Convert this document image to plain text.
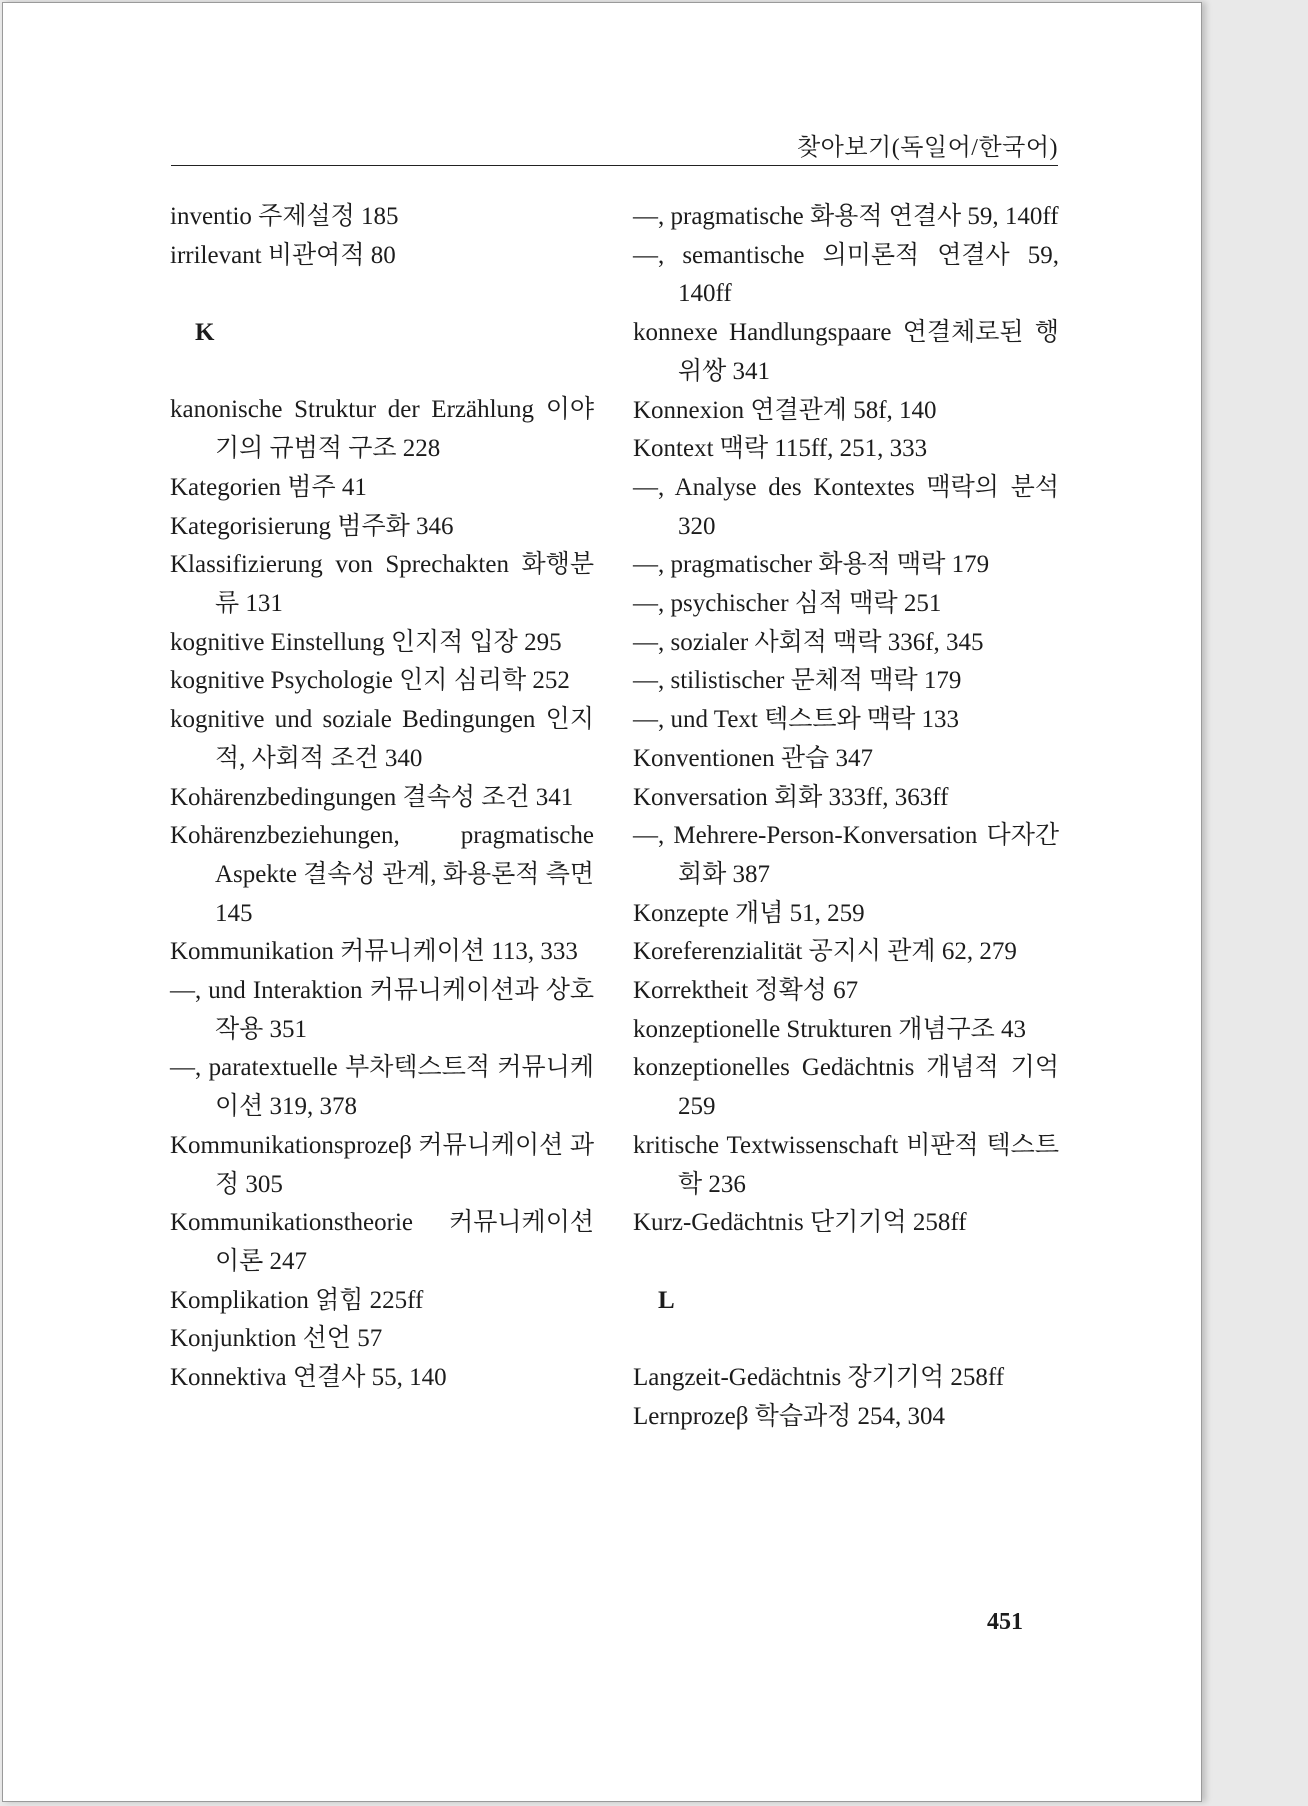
찾아보기(독일어/한국어)
inventio 주제설정 185
irrilevant 비관여적 80
K
kanonische Struktur der Erzählung 이야기의 규범적 구조 228
Kategorien 범주 41
Kategorisierung 범주화 346
Klassifizierung von Sprechakten 화행분류 131
kognitive Einstellung 인지적 입장 295
kognitive Psychologie 인지 심리학 252
kognitive und soziale Bedingungen 인지적, 사회적 조건 340
Kohärenzbedingungen 결속성 조건 341
Kohärenzbeziehungen, pragmatische Aspekte 결속성 관계, 화용론적 측면 145
Kommunikation 커뮤니케이션 113, 333
—, und Interaktion 커뮤니케이션과 상호작용 351
—, paratextuelle 부차텍스트적 커뮤니케이션 319, 378
Kommunikationsprozeβ 커뮤니케이션 과정 305
Kommunikationstheorie 커뮤니케이션 이론 247
Komplikation 얽힘 225ff
Konjunktion 선언 57
Konnektiva 연결사 55, 140
—, pragmatische 화용적 연결사 59, 140ff
—, semantische 의미론적 연결사 59, 140ff
konnexe Handlungspaare 연결체로된 행위쌍 341
Konnexion 연결관계 58f, 140
Kontext 맥락 115ff, 251, 333
—, Analyse des Kontextes 맥락의 분석 320
—, pragmatischer 화용적 맥락 179
—, psychischer 심적 맥락 251
—, sozialer 사회적 맥락 336f, 345
—, stilistischer 문체적 맥락 179
—, und Text 텍스트와 맥락 133
Konventionen 관습 347
Konversation 회화 333ff, 363ff
—, Mehrere-Person-Konversation 다자간 회화 387
Konzepte 개념 51, 259
Koreferenzialität 공지시 관계 62, 279
Korrektheit 정확성 67
konzeptionelle Strukturen 개념구조 43
konzeptionelles Gedächtnis 개념적 기억 259
kritische Textwissenschaft 비판적 텍스트학 236
Kurz-Gedächtnis 단기기억 258ff
L
Langzeit-Gedächtnis 장기기억 258ff
Lernprozeβ 학습과정 254, 304
451
